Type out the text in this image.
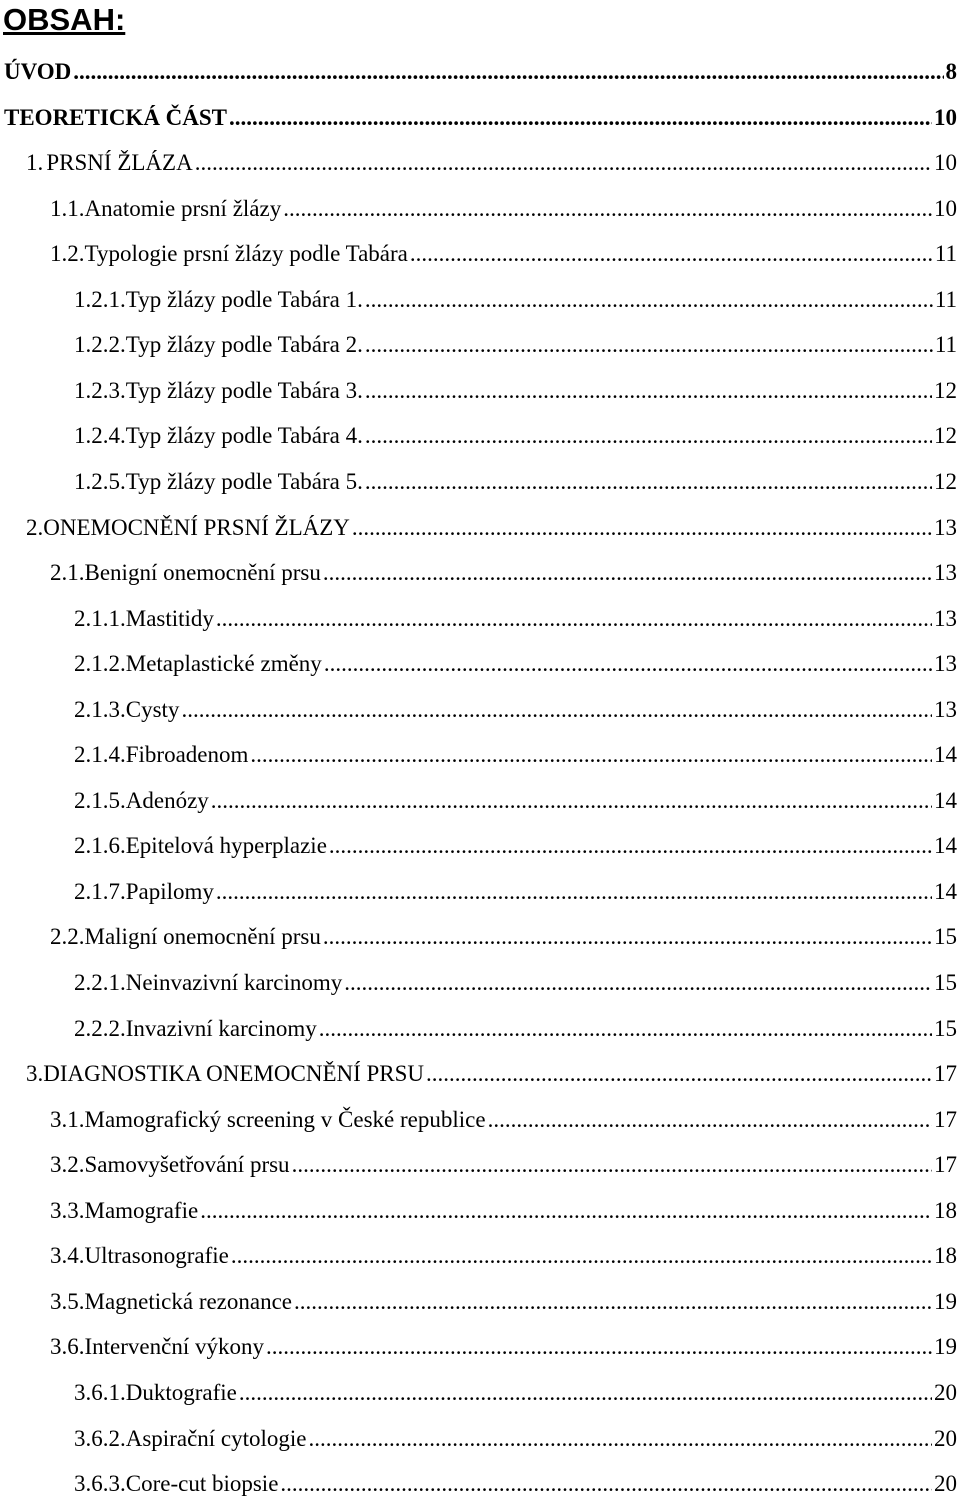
OBSAH:
ÚVOD .....	8
TEORETICKÁ ČÁST .....	10
1. PRSNÍ ŽLÁZA .....	10
1.1. Anatomie prsní žlázy .....	10
1.2. Typologie prsní žlázy podle Tabára .....	11
1.2.1. Typ žlázy podle Tabára 1. .....	11
1.2.2. Typ žlázy podle Tabára 2. .....	11
1.2.3. Typ žlázy podle Tabára 3. .....	12
1.2.4. Typ žlázy podle Tabára 4. .....	12
1.2.5. Typ žlázy podle Tabára 5. .....	12
2. ONEMOCNĚNÍ PRSNÍ ŽLÁZY .....	13
2.1. Benigní onemocnění prsu .....	13
2.1.1. Mastitidy .....	13
2.1.2. Metaplastické změny .....	13
2.1.3. Cysty .....	13
2.1.4. Fibroadenom .....	14
2.1.5. Adenózy .....	14
2.1.6. Epitelová hyperplazie .....	14
2.1.7. Papilomy .....	14
2.2. Maligní onemocnění prsu .....	15
2.2.1. Neinvazivní karcinomy .....	15
2.2.2. Invazivní karcinomy .....	15
3. DIAGNOSTIKA ONEMOCNĚNÍ PRSU .....	17
3.1. Mamografický screening v České republice .....	17
3.2. Samovyšetřování prsu .....	17
3.3. Mamografie .....	18
3.4. Ultrasonografie .....	18
3.5. Magnetická rezonance .....	19
3.6. Intervenční výkony .....	19
3.6.1. Duktografie .....	20
3.6.2. Aspirační cytologie .....	20
3.6.3. Core-cut biopsie .....	20
